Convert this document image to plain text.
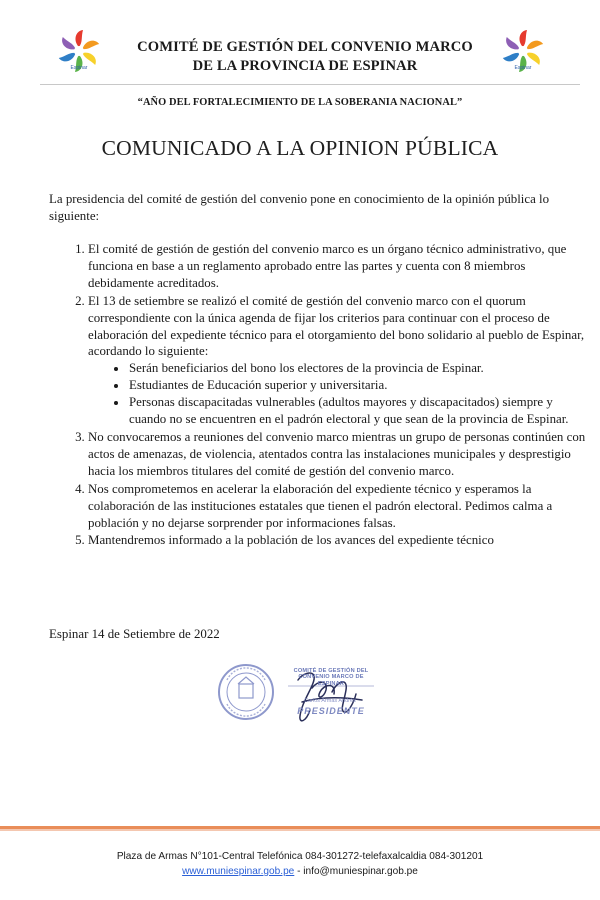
Espinar	Espinar
COMITÉ DE GESTIÓN DEL CONVENIO MARCO
DE LA PROVINCIA DE ESPINAR
“AÑO DEL FORTALECIMIENTO DE LA SOBERANIA NACIONAL”
COMUNICADO A LA OPINION PÚBLICA

La presidencia del comité de gestión del convenio pone en conocimiento de la opinión pública lo siguiente:

1. El comité de gestión de gestión del convenio marco es un órgano técnico administrativo, que funciona en base a un reglamento aprobado entre las partes y cuenta con 8 miembros debidamente acreditados.
2. El 13 de setiembre se realizó el comité de gestión del convenio marco con el quorum correspondiente con la única agenda de fijar los criterios para continuar con el proceso de elaboración del expediente técnico para el otorgamiento del bono solidario al pueblo de Espinar, acordando lo siguiente:
• Serán beneficiarios del bono los electores de la provincia de Espinar.
• Estudiantes de Educación superior y universitaria.
• Personas discapacitadas vulnerables (adultos mayores y discapacitados) siempre y cuando no se encuentren en el padrón electoral y que sean de la provincia de Espinar.
3. No convocaremos a reuniones del convenio marco mientras un grupo de personas continúen con actos de amenazas, de violencia, atentados contra las instalaciones municipales y desprestigio hacia los miembros titulares del comité de gestión del convenio marco.
4. Nos comprometemos en acelerar la elaboración del expediente técnico y esperamos la colaboración de las instituciones estatales que tienen el padrón electoral. Pedimos calma a población y no dejarse sorprender por informaciones falsas.
5. Mantendremos informado a la población de los avances del expediente técnico
Espinar 14 de Setiembre de 2022
COMITÉ DE GESTIÓN DEL CONVENIO MARCO DE ESPINAR
Carlos Armas Andrés
PRESIDENTE
Plaza de Armas N°101-Central Telefónica 084-301272-telefaxalcaldia 084-301201
www.muniespinar.gob.pe - info@muniespinar.gob.pe
